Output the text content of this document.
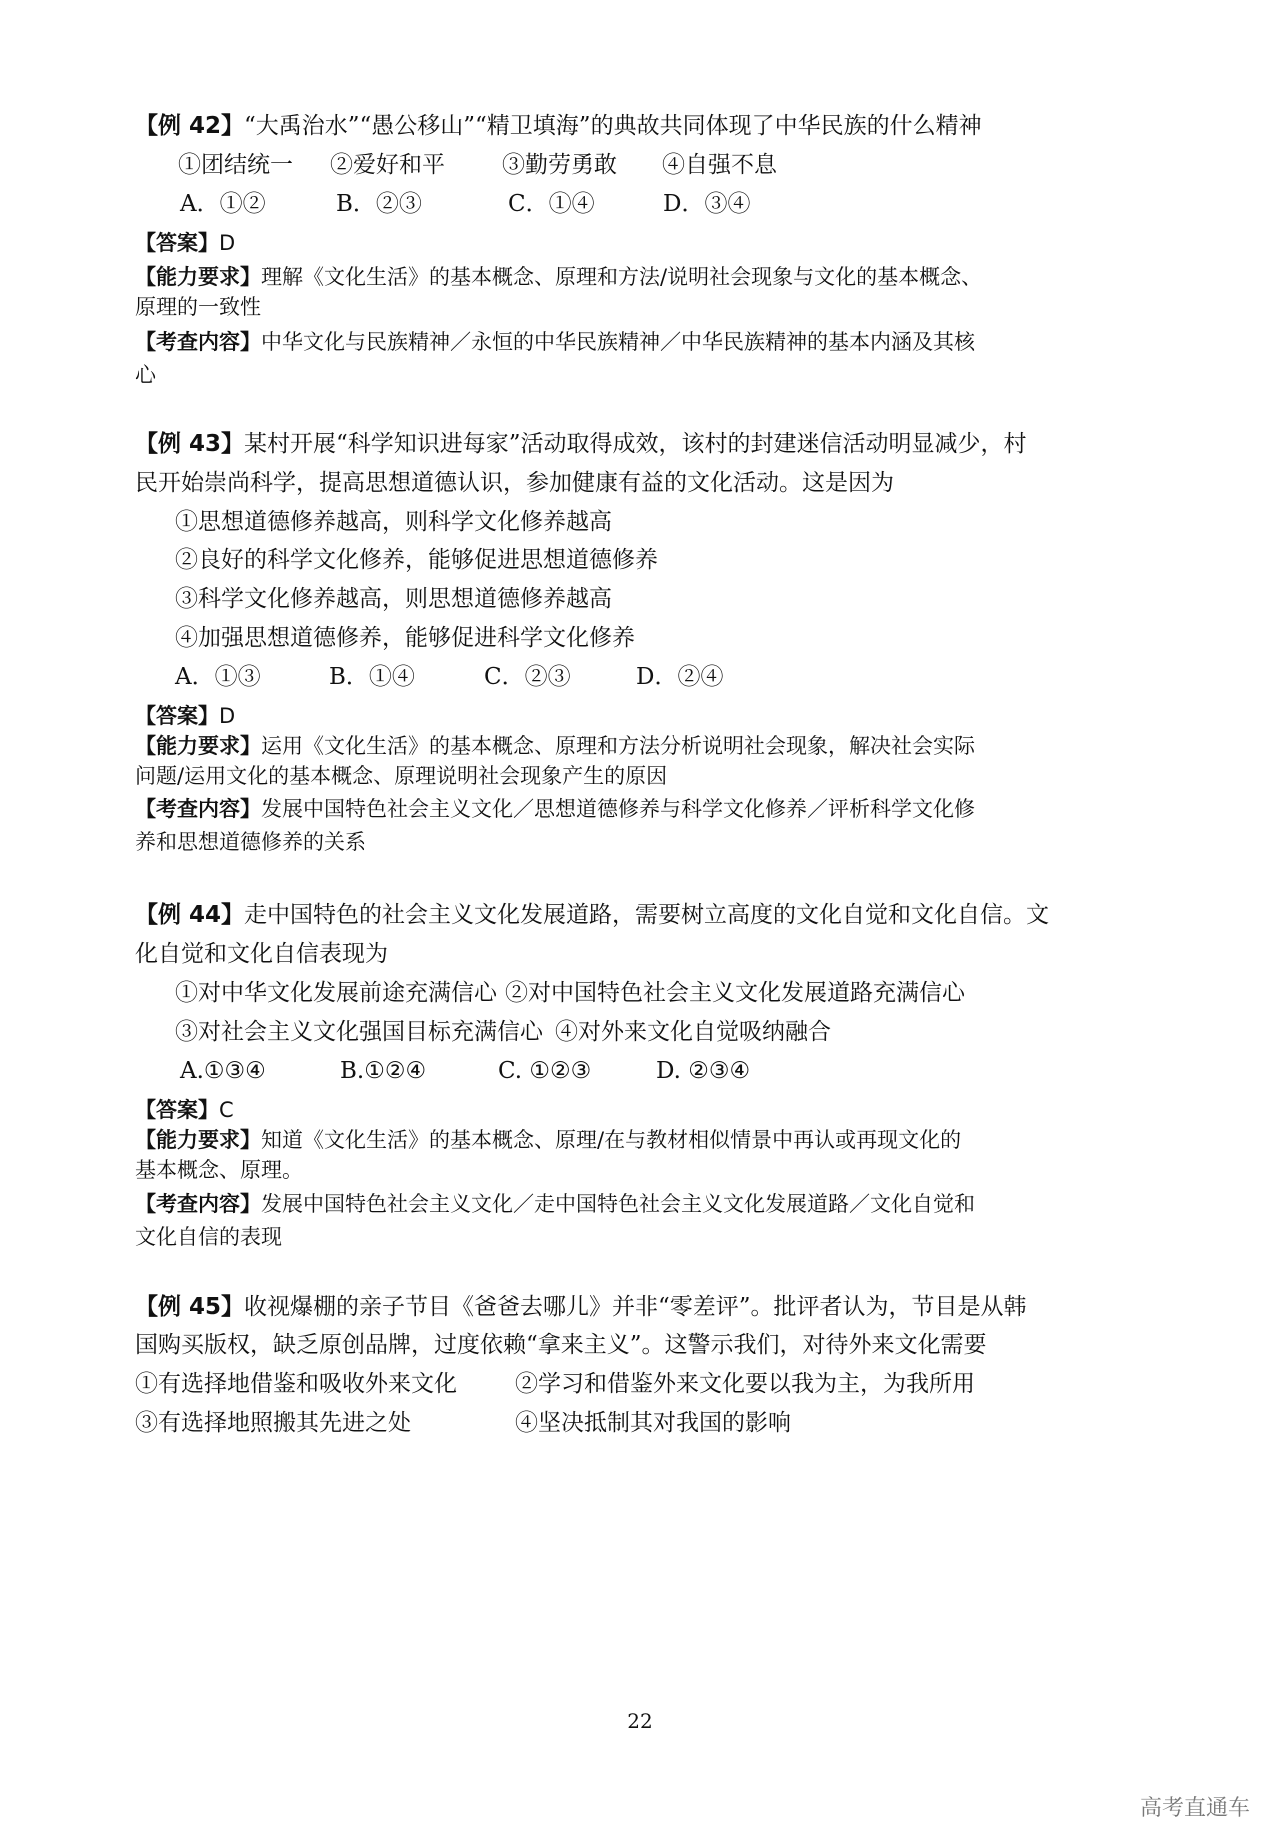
【例 42】“大禹治水”“愚公移山”“精卫填海”的典故共同体现了中华民族的什么精神
①团结统一 ②爱好和平 ③勤劳勇敢 ④自强不息
A．①②	B．②③	C．①④	D．③④
【答案】D
【能力要求】理解《文化生活》的基本概念、原理和方法/说明社会现象与文化的基本概念、
原理的一致性
【考查内容】中华文化与民族精神／永恒的中华民族精神／中华民族精神的基本内涵及其核
心
【例 43】某村开展“科学知识进每家”活动取得成效，该村的封建迷信活动明显减少，村
民开始崇尚科学，提高思想道德认识，参加健康有益的文化活动。这是因为
①思想道德修养越高，则科学文化修养越高
②良好的科学文化修养，能够促进思想道德修养
③科学文化修养越高，则思想道德修养越高
④加强思想道德修养，能够促进科学文化修养
A．①③	B．①④	C．②③	D．②④
【答案】D
【能力要求】运用《文化生活》的基本概念、原理和方法分析说明社会现象，解决社会实际
问题/运用文化的基本概念、原理说明社会现象产生的原因
【考查内容】发展中国特色社会主义文化／思想道德修养与科学文化修养／评析科学文化修
养和思想道德修养的关系
【例 44】走中国特色的社会主义文化发展道路，需要树立高度的文化自觉和文化自信。文
化自觉和文化自信表现为
①对中华文化发展前途充满信心 ②对中国特色社会主义文化发展道路充满信心
③对社会主义文化强国目标充满信心 ④对外来文化自觉吸纳融合
A.①③④	B.①②④	C. ①②③	D. ②③④
【答案】C
【能力要求】知道《文化生活》的基本概念、原理/在与教材相似情景中再认或再现文化的
基本概念、原理。
【考查内容】发展中国特色社会主义文化／走中国特色社会主义文化发展道路／文化自觉和
文化自信的表现
【例 45】收视爆棚的亲子节目《爸爸去哪儿》并非“零差评”。批评者认为，节目是从韩
国购买版权，缺乏原创品牌，过度依赖“拿来主义”。这警示我们，对待外来文化需要
①有选择地借鉴和吸收外来文化	②学习和借鉴外来文化要以我为主，为我所用
③有选择地照搬其先进之处	④坚决抵制其对我国的影响
22
高考直通车
